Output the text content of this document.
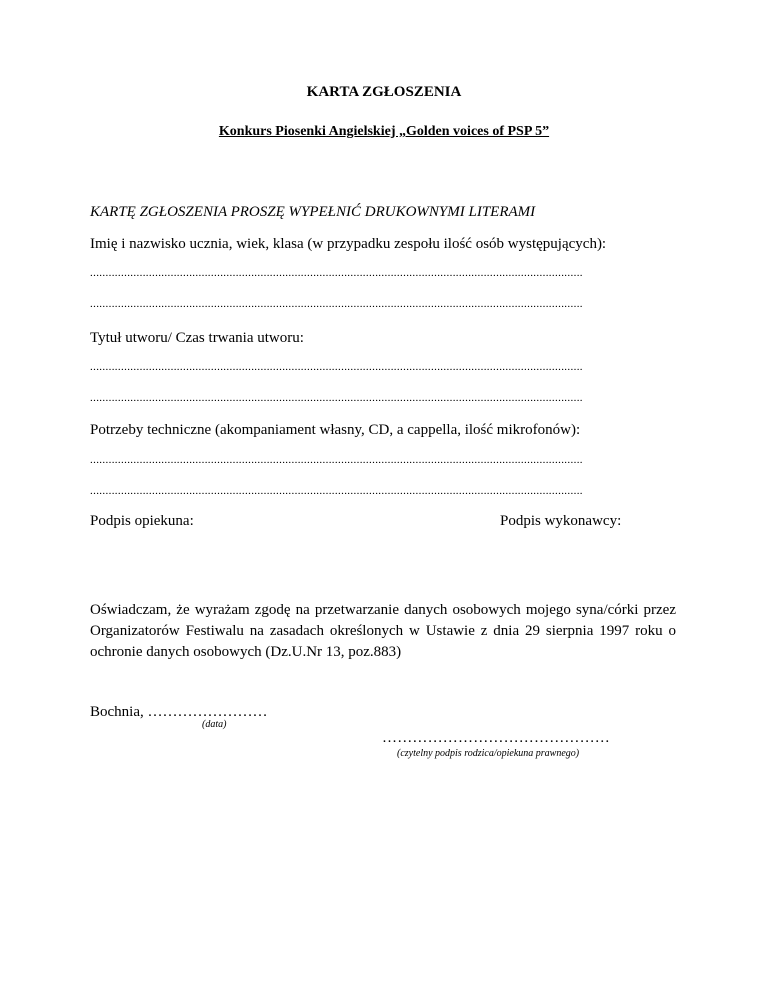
KARTA ZGŁOSZENIA
Konkurs Piosenki Angielskiej „Golden voices of PSP 5”
KARTĘ ZGŁOSZENIA PROSZĘ WYPEŁNIĆ DRUKOWNYMI LITERAMI
Imię i nazwisko ucznia, wiek, klasa (w przypadku zespołu ilość osób występujących):
...............................................................................................................................................................
...............................................................................................................................................................
Tytuł utworu/ Czas trwania utworu:
...............................................................................................................................................................
...............................................................................................................................................................
Potrzeby techniczne (akompaniament własny, CD, a cappella, ilość mikrofonów):
...............................................................................................................................................................
...............................................................................................................................................................
Podpis opiekuna:	Podpis wykonawcy:
Oświadczam, że wyrażam zgodę na przetwarzanie danych osobowych mojego syna/córki przez Organizatorów Festiwalu na zasadach określonych w Ustawie z dnia 29 sierpnia 1997 roku o ochronie danych osobowych (Dz.U.Nr 13, poz.883)
Bochnia, ……………………
(data)
………………………………………
(czytelny podpis rodzica/opiekuna prawnego)
